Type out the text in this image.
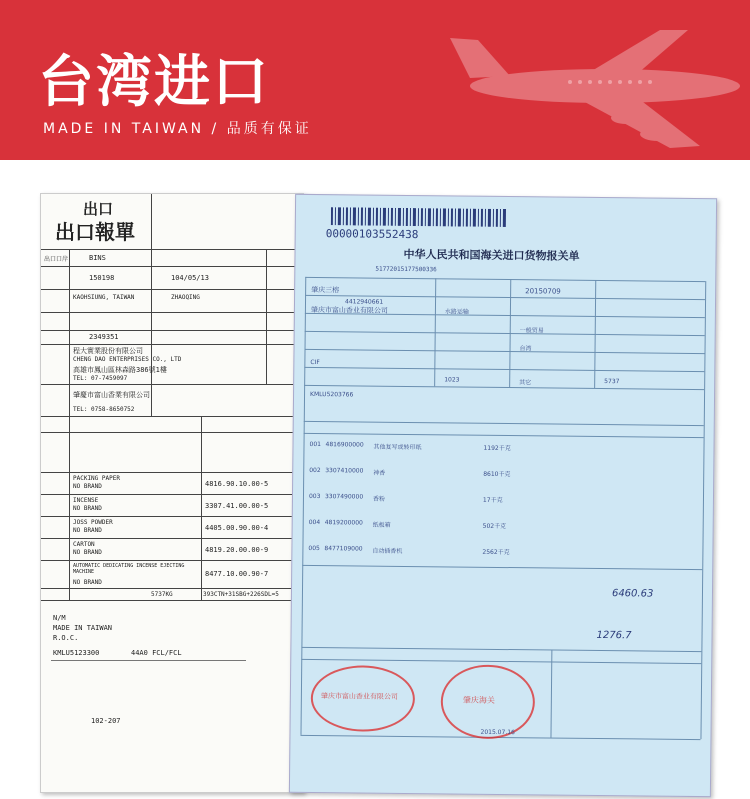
台湾进口
MADE IN TAIWAN / 品质有保证
出口
出口報單
出口口岸	BINS
150198	104/05/13
KAOHSIUNG, TAIWAN	ZHAOQING
2349351
程大實業股份有限公司
CHENG DAO ENTERPRISES CO., LTD
高雄市鳳山區林森路386號1樓
TEL: 07-7459097
肇慶市富山香業有限公司
TEL: 0758-8650752
PACKING PAPER
NO BRAND	4816.90.10.00-5
INCENSE
NO BRAND	3307.41.00.00-5
JOSS POWDER
NO BRAND	4405.00.90.00-4
CARTON
NO BRAND	4819.20.00.00-9
AUTOMATIC DEDICATING INCENSE EJECTING MACHINE
NO BRAND
8477.10.00.90-7
5737KG	393CTN+31SBG+226SDL=5
N/M
MADE IN TAIWAN
R.O.C.
KMLU5123300	44A0 FCL/FCL
102-207
00000103552438
中华人民共和国海关进口货物报关单
51772015177500336
肇庆三榕	20150709
4412940661
肇庆市富山香业有限公司	水路运输
一般贸易
台湾
CIF
1023	其它	5737
KMLU5203766
001 4816900000 其他复写或转印纸	1192千克
002 3307410000 神香	8610千克
003 3307490000 香粉	17千克
004 4819200000 纸板箱	502千克
005 8477109000 自动插香机	2562千克
6460.63
1276.7
肇庆市富山香业有限公司	肇庆海关
2015.07.16
